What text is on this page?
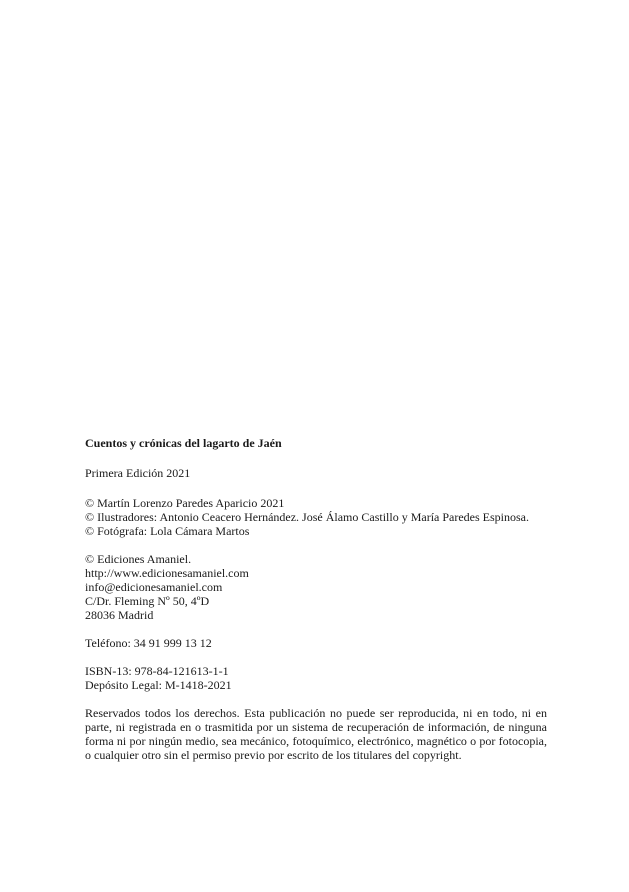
Cuentos y crónicas del lagarto de Jaén

Primera Edición 2021

© Martín Lorenzo Paredes Aparicio 2021
© Ilustradores: Antonio Ceacero Hernández. José Álamo Castillo y María Paredes Espinosa.
© Fotógrafa: Lola Cámara Martos
© Ediciones Amaniel.
http://www.edicionesamaniel.com
info@edicionesamaniel.com
C/Dr. Fleming Nº 50, 4ºD
28036 Madrid

Teléfono: 34 91 999 13 12

ISBN-13: 978-84-121613-1-1
Depósito Legal: M-1418-2021

Reservados todos los derechos. Esta publicación no puede ser reproducida, ni en todo, ni en parte, ni registrada en o trasmitida por un sistema de recuperación de información, de ninguna forma ni por ningún medio, sea mecánico, fotoquímico, electrónico, magnético o por fotocopia, o cualquier otro sin el permiso previo por escrito de los titulares del copyright.
